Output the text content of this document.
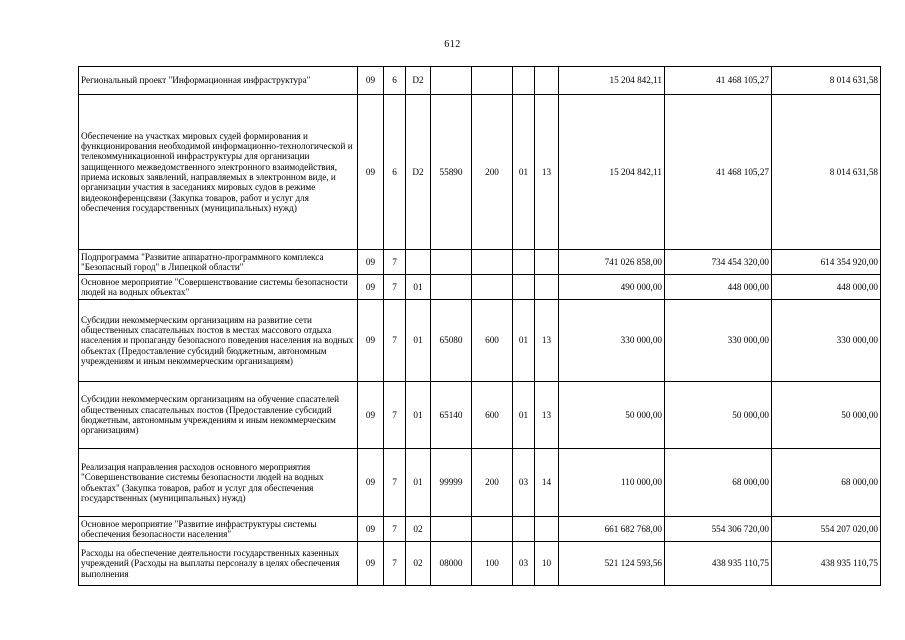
612
Региональный проект "Информационная инфраструктура"	09	6	D2					15 204 842,11	41 468 105,27	8 014 631,58
Обеспечение на участках мировых судей формирования и функционирования необходимой информационно-технологической и телекоммуникационной инфраструктуры для организации защищенного межведомственного электронного взаимодействия, приема исковых заявлений, направляемых в электронном виде, и организации участия в заседаниях мировых судов в режиме видеоконференцсвязи (Закупка товаров, работ и услуг для обеспечения государственных (муниципальных) нужд)	09	6	D2	55890	200	01	13	15 204 842,11	41 468 105,27	8 014 631,58
Подпрограмма "Развитие аппаратно-программного комплекса "Безопасный город" в Липецкой области"	09	7						741 026 858,00	734 454 320,00	614 354 920,00
Основное мероприятие "Совершенствование системы безопасности людей на водных объектах"	09	7	01					490 000,00	448 000,00	448 000,00
Субсидии некоммерческим организациям на развитие сети общественных спасательных постов в местах массового отдыха населения и пропаганду безопасного поведения населения на водных объектах (Предоставление субсидий бюджетным, автономным учреждениям и иным некоммерческим организациям)	09	7	01	65080	600	01	13	330 000,00	330 000,00	330 000,00
Субсидии некоммерческим организациям на обучение спасателей общественных спасательных постов (Предоставление субсидий бюджетным, автономным учреждениям и иным некоммерческим организациям)	09	7	01	65140	600	01	13	50 000,00	50 000,00	50 000,00
Реализация направления расходов основного мероприятия "Совершенствование системы безопасности людей на водных объектах" (Закупка товаров, работ и услуг для обеспечения государственных (муниципальных) нужд)	09	7	01	99999	200	03	14	110 000,00	68 000,00	68 000,00
Основное мероприятие "Развитие инфраструктуры системы обеспечения безопасности населения"	09	7	02					661 682 768,00	554 306 720,00	554 207 020,00
Расходы на обеспечение деятельности государственных казенных учреждений (Расходы на выплаты персоналу в целях обеспечения выполнения	09	7	02	08000	100	03	10	521 124 593,56	438 935 110,75	438 935 110,75
